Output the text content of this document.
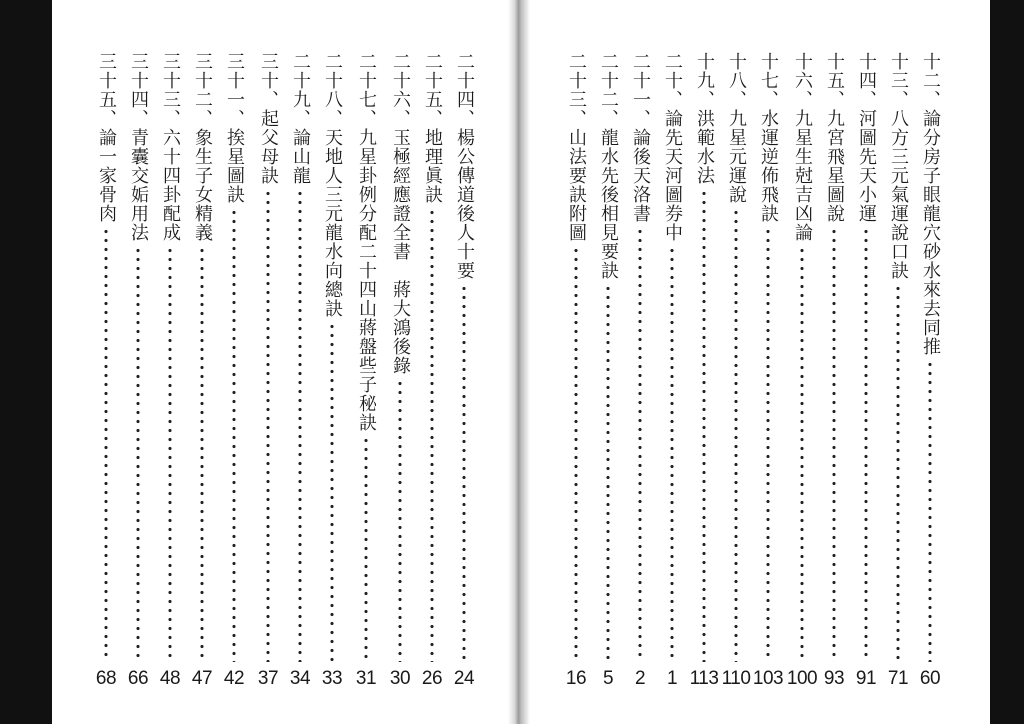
二十四、楊公傳道後人十要
24
二十五、地理眞訣
26
二十六、玉極經應證全書　蔣大鴻後錄
30
二十七、九星卦例分配二十四山蔣盤些子秘訣
31
二十八、天地人三元龍水向總訣
33
二十九、論山龍
34
三十、起父母訣
37
三十一、挨星圖訣
42
三十二、象生子女精義
47
三十三、六十四卦配成
48
三十四、青囊交姤用法
66
三十五、論一家骨肉
68
十二、論分房子眼龍穴砂水來去同推
60
十三、八方三元氣運說口訣
71
十四、河圖先天小運
91
十五、九宮飛星圖說
93
十六、九星生尅吉凶論
100
十七、水運逆佈飛訣
103
十八、九星元運說
110
十九、洪範水法
113
二十、論先天河圖券中
1
二十一、論後天洛書
2
二十二、龍水先後相見要訣
5
二十三、山法要訣附圖
16
